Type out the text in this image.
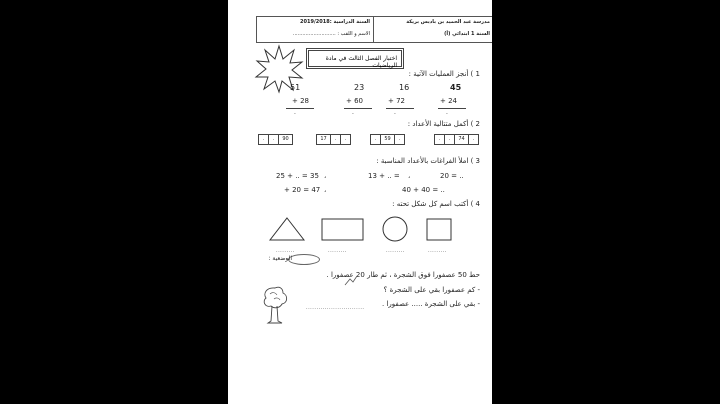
مدرسة عبد الحميد بن باديس بريكة
السنة 1 ابتدائي (أ)
السنة الدراسية :2019/2018
الاسم و اللقب : ...........................
اختبار الفصل الثالث في مادة الرياضيات
1 ) أنجز العمليات الآتية :
45
+ 24
16
+ 72
23
+ 60
51
+ 28
.
.
.
.
2 ) أكمل متتالية الأعداد :
.	.	74	.
.	59	.
17	.	.
.	.	90
3 ) املأ الفراغات بالأعداد المناسبة :
20 = ..
،
13 + .. =
،
25 + .. = 35
40 + 40 = ..
،
+ 20 = 47
4 ) أكتب اسم كل شكل تحته :
.........	.........	.........	.........
الوضعية :
حط 50 عصفورا فوق الشجرة ، ثم طار 20 عصفورا .
- كم عصفورا بقي على الشجرة ؟
- بقي على الشجرة ..... عصفورا .
............................
